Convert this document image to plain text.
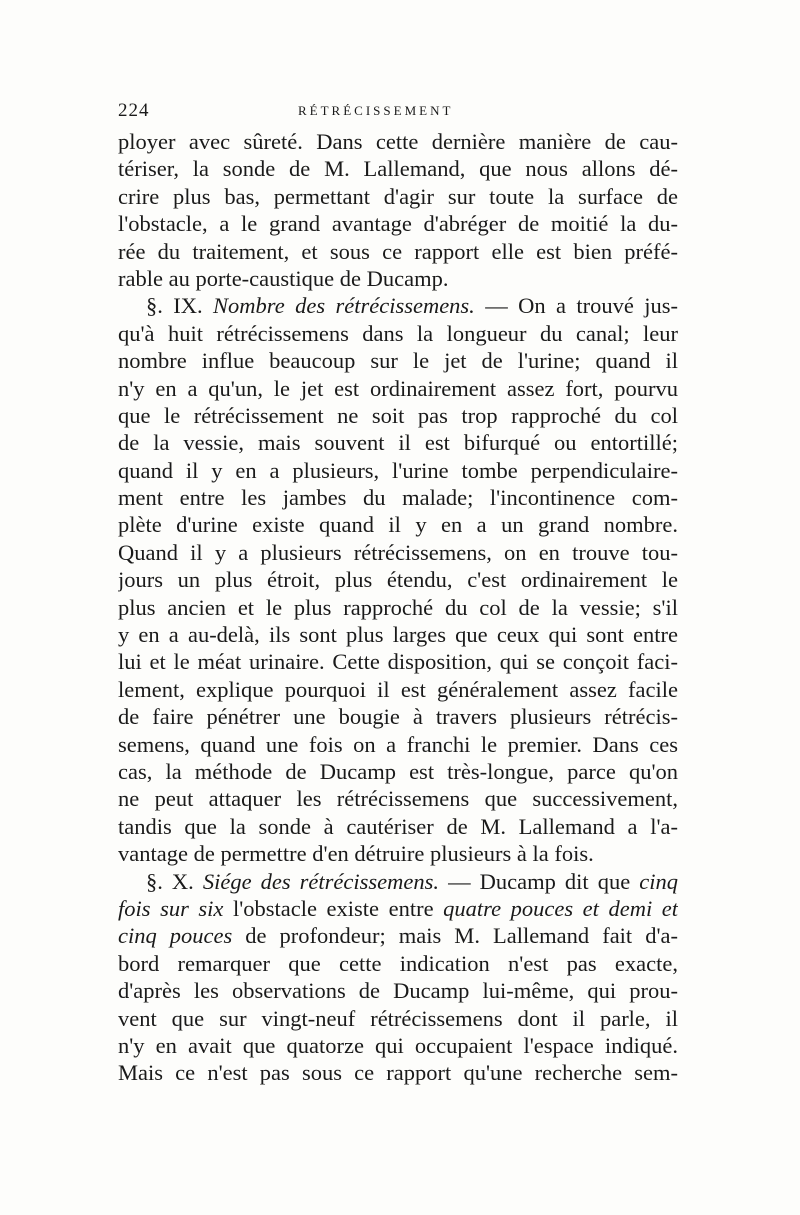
224	RÉTRÉCISSEMENT
ployer avec sûreté. Dans cette dernière manière de cau-
tériser, la sonde de M. Lallemand, que nous allons dé-
crire plus bas, permettant d'agir sur toute la surface de
l'obstacle, a le grand avantage d'abréger de moitié la du-
rée du traitement, et sous ce rapport elle est bien préfé-
rable au porte-caustique de Ducamp.
§. IX. Nombre des rétrécissemens. — On a trouvé jus-
qu'à huit rétrécissemens dans la longueur du canal; leur
nombre influe beaucoup sur le jet de l'urine; quand il
n'y en a qu'un, le jet est ordinairement assez fort, pourvu
que le rétrécissement ne soit pas trop rapproché du col
de la vessie, mais souvent il est bifurqué ou entortillé;
quand il y en a plusieurs, l'urine tombe perpendiculaire-
ment entre les jambes du malade; l'incontinence com-
plète d'urine existe quand il y en a un grand nombre.
Quand il y a plusieurs rétrécissemens, on en trouve tou-
jours un plus étroit, plus étendu, c'est ordinairement le
plus ancien et le plus rapproché du col de la vessie; s'il
y en a au-delà, ils sont plus larges que ceux qui sont entre
lui et le méat urinaire. Cette disposition, qui se conçoit faci-
lement, explique pourquoi il est généralement assez facile
de faire pénétrer une bougie à travers plusieurs rétrécis-
semens, quand une fois on a franchi le premier. Dans ces
cas, la méthode de Ducamp est très-longue, parce qu'on
ne peut attaquer les rétrécissemens que successivement,
tandis que la sonde à cautériser de M. Lallemand a l'a-
vantage de permettre d'en détruire plusieurs à la fois.
§. X. Siége des rétrécissemens. — Ducamp dit que cinq
fois sur six l'obstacle existe entre quatre pouces et demi et
cinq pouces de profondeur; mais M. Lallemand fait d'a-
bord remarquer que cette indication n'est pas exacte,
d'après les observations de Ducamp lui-même, qui prou-
vent que sur vingt-neuf rétrécissemens dont il parle, il
n'y en avait que quatorze qui occupaient l'espace indiqué.
Mais ce n'est pas sous ce rapport qu'une recherche sem-
